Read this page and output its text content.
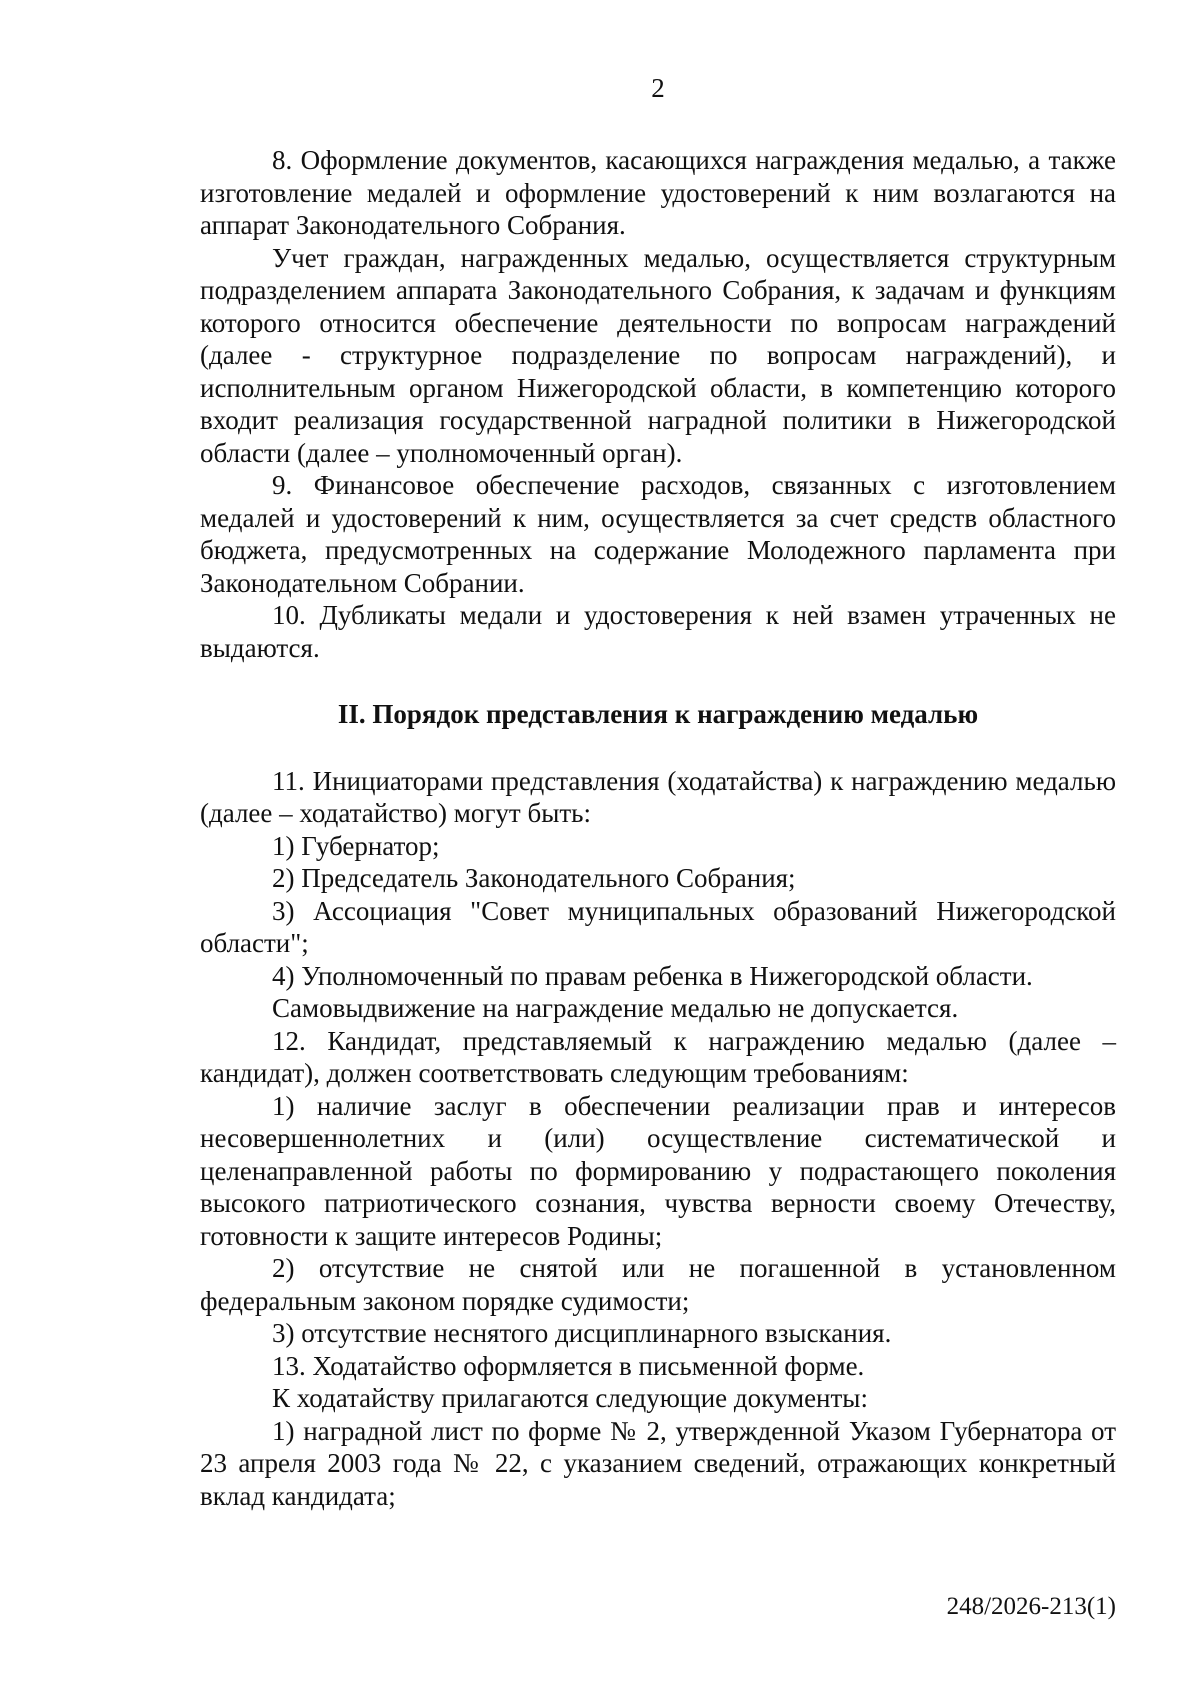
2

8. Оформление документов, касающихся награждения медалью, а также изготовление медалей и оформление удостоверений к ним возлагаются на аппарат Законодательного Собрания.

Учет граждан, награжденных медалью, осуществляется структурным подразделением аппарата Законодательного Собрания, к задачам и функциям которого относится обеспечение деятельности по вопросам награждений (далее - структурное подразделение по вопросам награждений), и исполнительным органом Нижегородской области, в компетенцию которого входит реализация государственной наградной политики в Нижегородской области (далее – уполномоченный орган).

9. Финансовое обеспечение расходов, связанных с изготовлением медалей и удостоверений к ним, осуществляется за счет средств областного бюджета, предусмотренных на содержание Молодежного парламента при Законодательном Собрании.

10. Дубликаты медали и удостоверения к ней взамен утраченных не выдаются.

II. Порядок представления к награждению медалью

11. Инициаторами представления (ходатайства) к награждению медалью (далее – ходатайство) могут быть:

1) Губернатор;

2) Председатель Законодательного Собрания;

3) Ассоциация "Совет муниципальных образований Нижегородской области";

4) Уполномоченный по правам ребенка в Нижегородской области.

Самовыдвижение на награждение медалью не допускается.

12. Кандидат, представляемый к награждению медалью (далее – кандидат), должен соответствовать следующим требованиям:

1) наличие заслуг в обеспечении реализации прав и интересов несовершеннолетних и (или) осуществление систематической и целенаправленной работы по формированию у подрастающего поколения высокого патриотического сознания, чувства верности своему Отечеству, готовности к защите интересов Родины;

2) отсутствие не снятой или не погашенной в установленном федеральным законом порядке судимости;

3) отсутствие неснятого дисциплинарного взыскания.

13. Ходатайство оформляется в письменной форме.

К ходатайству прилагаются следующие документы:

1) наградной лист по форме № 2, утвержденной Указом Губернатора от 23 апреля 2003 года № 22, с указанием сведений, отражающих конкретный вклад кандидата;

248/2026-213(1)
